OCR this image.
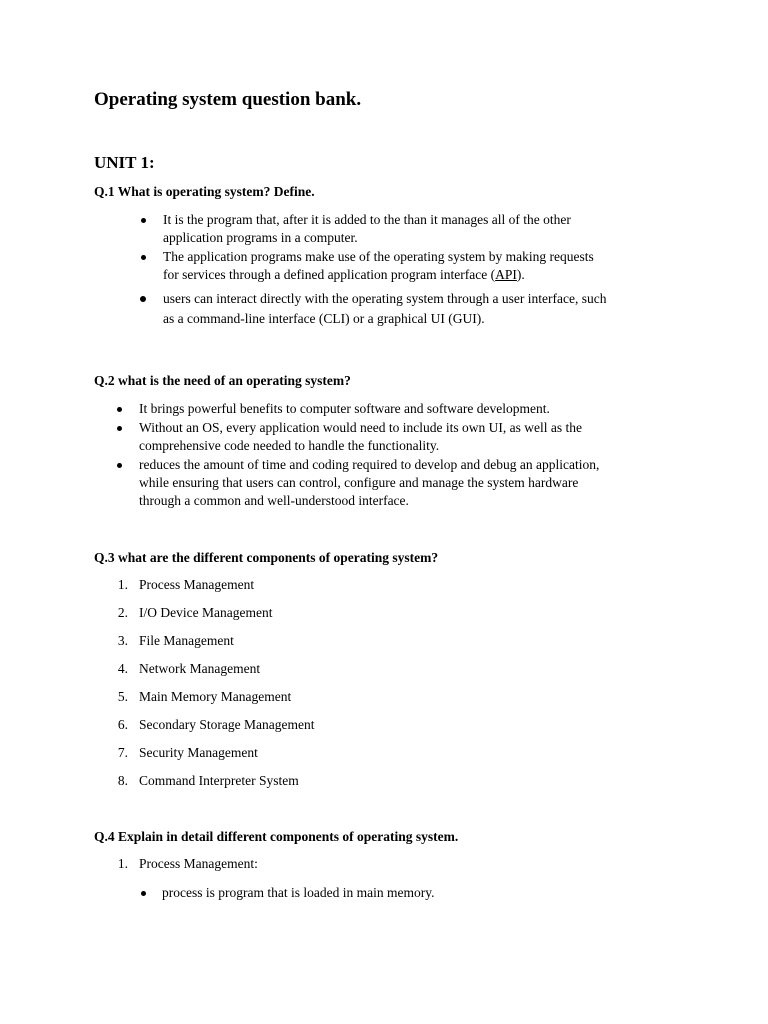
Operating system question bank.
UNIT 1:
Q.1 What is operating system? Define.
It is the program that, after it is added to the than it manages all of the other
application programs in a computer.
The application programs make use of the operating system by making requests
for services through a defined application program interface (API).
users can interact directly with the operating system through a user interface, such
as a command-line interface (CLI) or a graphical UI (GUI).
Q.2 what is the need of an operating system?
It brings powerful benefits to computer software and software development.
Without an OS, every application would need to include its own UI, as well as the
comprehensive code needed to handle the functionality.
reduces the amount of time and coding required to develop and debug an application,
while ensuring that users can control, configure and manage the system hardware
through a common and well-understood interface.
Q.3 what are the different components of operating system?
1. Process Management
2. I/O Device Management
3. File Management
4. Network Management
5. Main Memory Management
6. Secondary Storage Management
7. Security Management
8. Command Interpreter System
Q.4 Explain in detail different components of operating system.
1. Process Management:
process is program that is loaded in main memory.
